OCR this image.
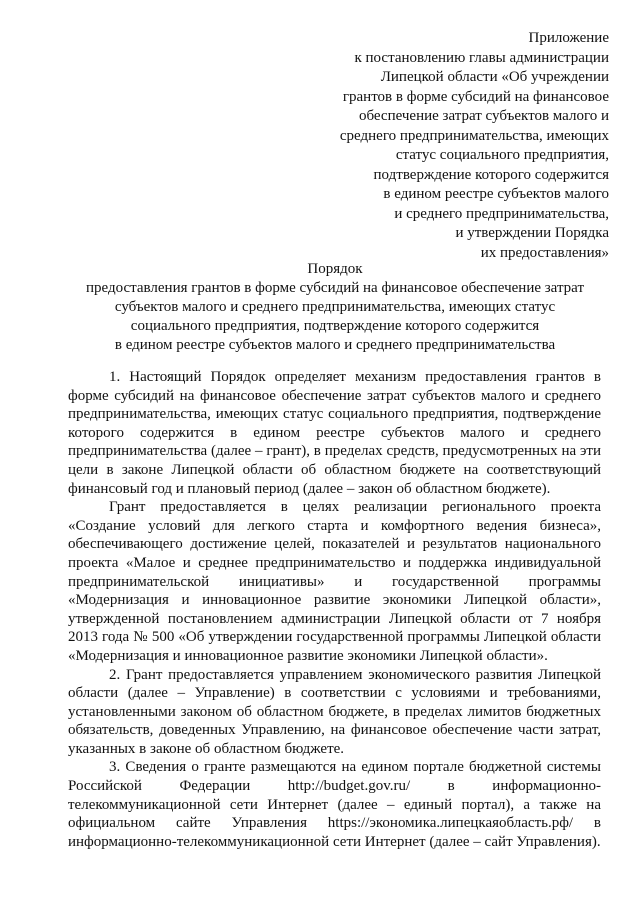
Приложение
к постановлению главы администрации
Липецкой области «Об учреждении
грантов в форме субсидий на финансовое
обеспечение затрат субъектов малого и
среднего предпринимательства, имеющих
статус социального предприятия,
подтверждение которого содержится
в едином реестре субъектов малого
и среднего предпринимательства,
и утверждении Порядка
их предоставления»
Порядок
предоставления грантов в форме субсидий на финансовое обеспечение затрат
субъектов малого и среднего предпринимательства, имеющих статус
социального предприятия, подтверждение которого содержится
в едином реестре субъектов малого и среднего предпринимательства

1. Настоящий Порядок определяет механизм предоставления грантов в форме субсидий на финансовое обеспечение затрат субъектов малого и среднего предпринимательства, имеющих статус социального предприятия, подтверждение которого содержится в едином реестре субъектов малого и среднего предпринимательства (далее – грант), в пределах средств, предусмотренных на эти цели в законе Липецкой области об областном бюджете на соответствующий финансовый год и плановый период (далее – закон об областном бюджете).

Грант предоставляется в целях реализации регионального проекта «Создание условий для легкого старта и комфортного ведения бизнеса», обеспечивающего достижение целей, показателей и результатов национального проекта «Малое и среднее предпринимательство и поддержка индивидуальной предпринимательской инициативы» и государственной программы «Модернизация и инновационное развитие экономики Липецкой области», утвержденной постановлением администрации Липецкой области от 7 ноября 2013 года № 500 «Об утверждении государственной программы Липецкой области «Модернизация и инновационное развитие экономики Липецкой области».

2. Грант предоставляется управлением экономического развития Липецкой области (далее – Управление) в соответствии с условиями и требованиями, установленными законом об областном бюджете, в пределах лимитов бюджетных обязательств, доведенных Управлению, на финансовое обеспечение части затрат, указанных в законе об областном бюджете.

3. Сведения о гранте размещаются на едином портале бюджетной системы Российской Федерации http://budget.gov.ru/ в информационно-телекоммуникационной сети Интернет (далее – единый портал), а также на официальном сайте Управления https://экономика.липецкаяобласть.рф/ в информационно-телекоммуникационной сети Интернет (далее – сайт Управления).
